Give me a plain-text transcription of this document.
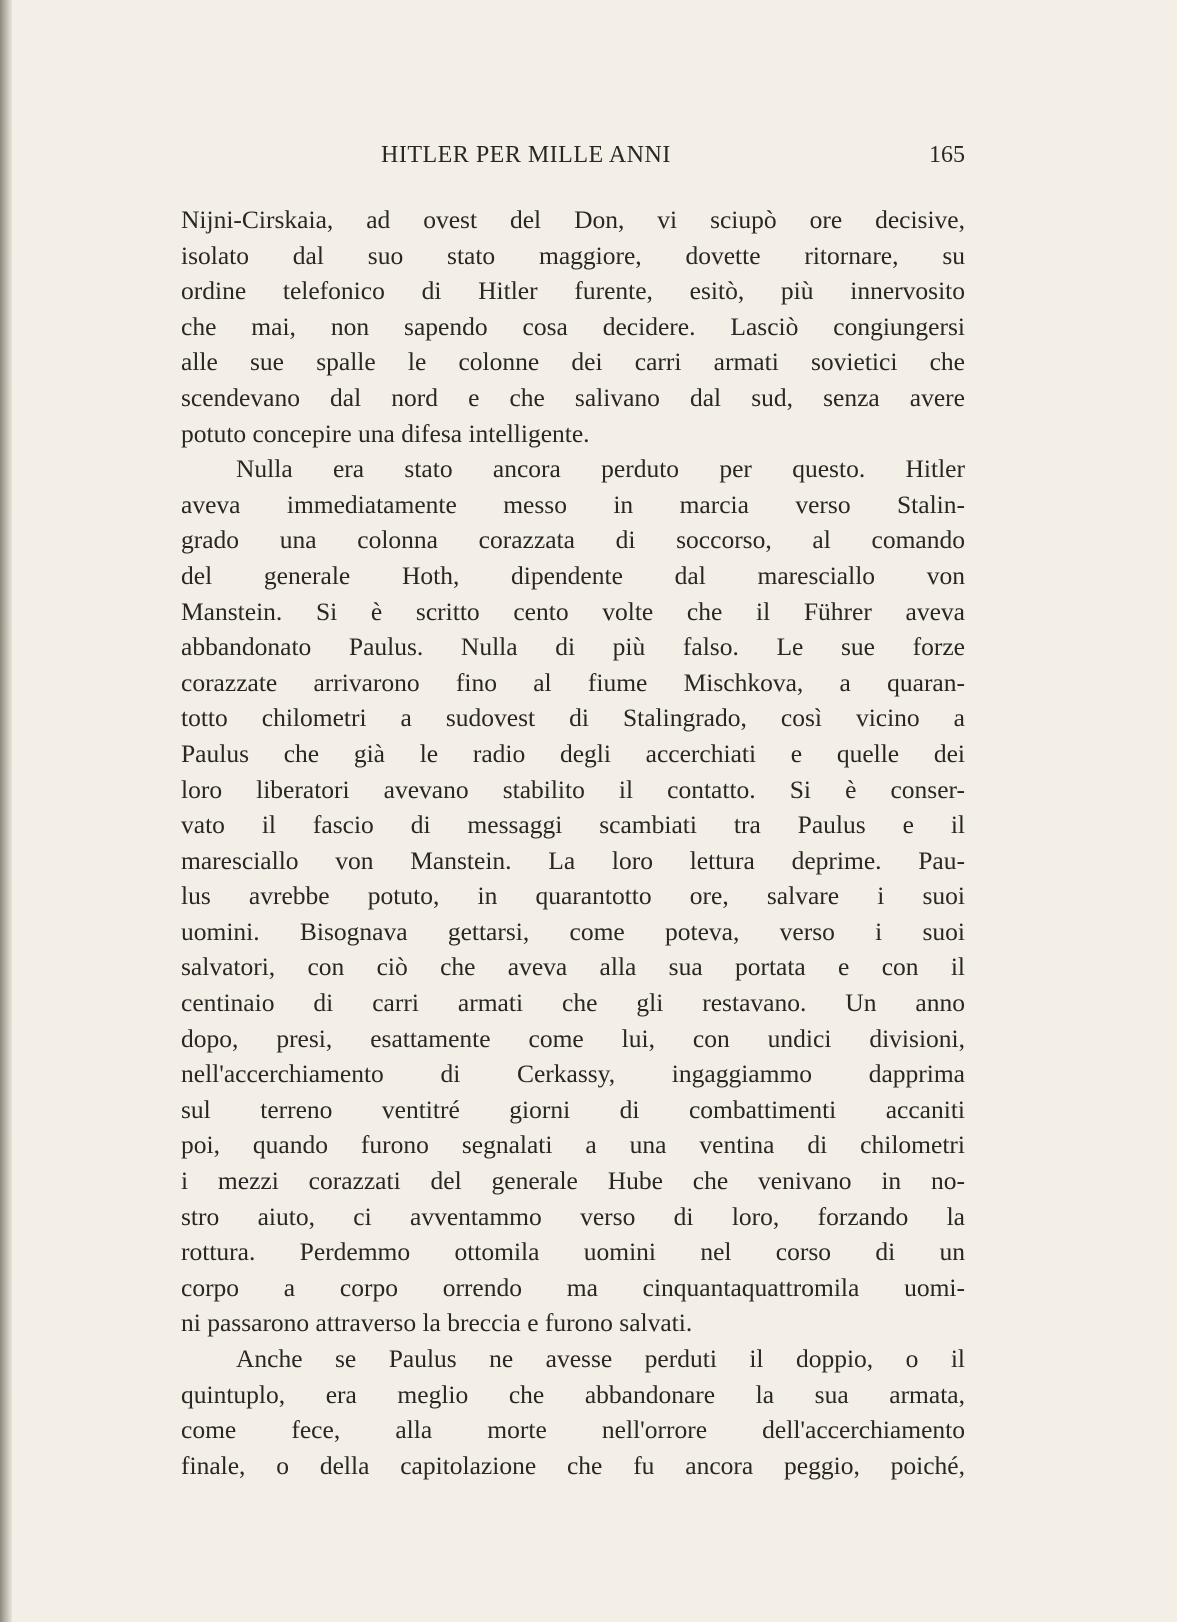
HITLER PER MILLE ANNI	165
Nijni-Cirskaia, ad ovest del Don, vi sciupò ore decisive,
isolato dal suo stato maggiore, dovette ritornare, su
ordine telefonico di Hitler furente, esitò, più innervosito
che mai, non sapendo cosa decidere. Lasciò congiungersi
alle sue spalle le colonne dei carri armati sovietici che
scendevano dal nord e che salivano dal sud, senza avere
potuto concepire una difesa intelligente.
Nulla era stato ancora perduto per questo. Hitler
aveva immediatamente messo in marcia verso Stalin-
grado una colonna corazzata di soccorso, al comando
del generale Hoth, dipendente dal maresciallo von
Manstein. Si è scritto cento volte che il Führer aveva
abbandonato Paulus. Nulla di più falso. Le sue forze
corazzate arrivarono fino al fiume Mischkova, a quaran-
totto chilometri a sudovest di Stalingrado, così vicino a
Paulus che già le radio degli accerchiati e quelle dei
loro liberatori avevano stabilito il contatto. Si è conser-
vato il fascio di messaggi scambiati tra Paulus e il
maresciallo von Manstein. La loro lettura deprime. Pau-
lus avrebbe potuto, in quarantotto ore, salvare i suoi
uomini. Bisognava gettarsi, come poteva, verso i suoi
salvatori, con ciò che aveva alla sua portata e con il
centinaio di carri armati che gli restavano. Un anno
dopo, presi, esattamente come lui, con undici divisioni,
nell'accerchiamento di Cerkassy, ingaggiammo dapprima
sul terreno ventitré giorni di combattimenti accaniti
poi, quando furono segnalati a una ventina di chilometri
i mezzi corazzati del generale Hube che venivano in no-
stro aiuto, ci avventammo verso di loro, forzando la
rottura. Perdemmo ottomila uomini nel corso di un
corpo a corpo orrendo ma cinquantaquattromila uomi-
ni passarono attraverso la breccia e furono salvati.
Anche se Paulus ne avesse perduti il doppio, o il
quintuplo, era meglio che abbandonare la sua armata,
come fece, alla morte nell'orrore dell'accerchiamento
finale, o della capitolazione che fu ancora peggio, poiché,
